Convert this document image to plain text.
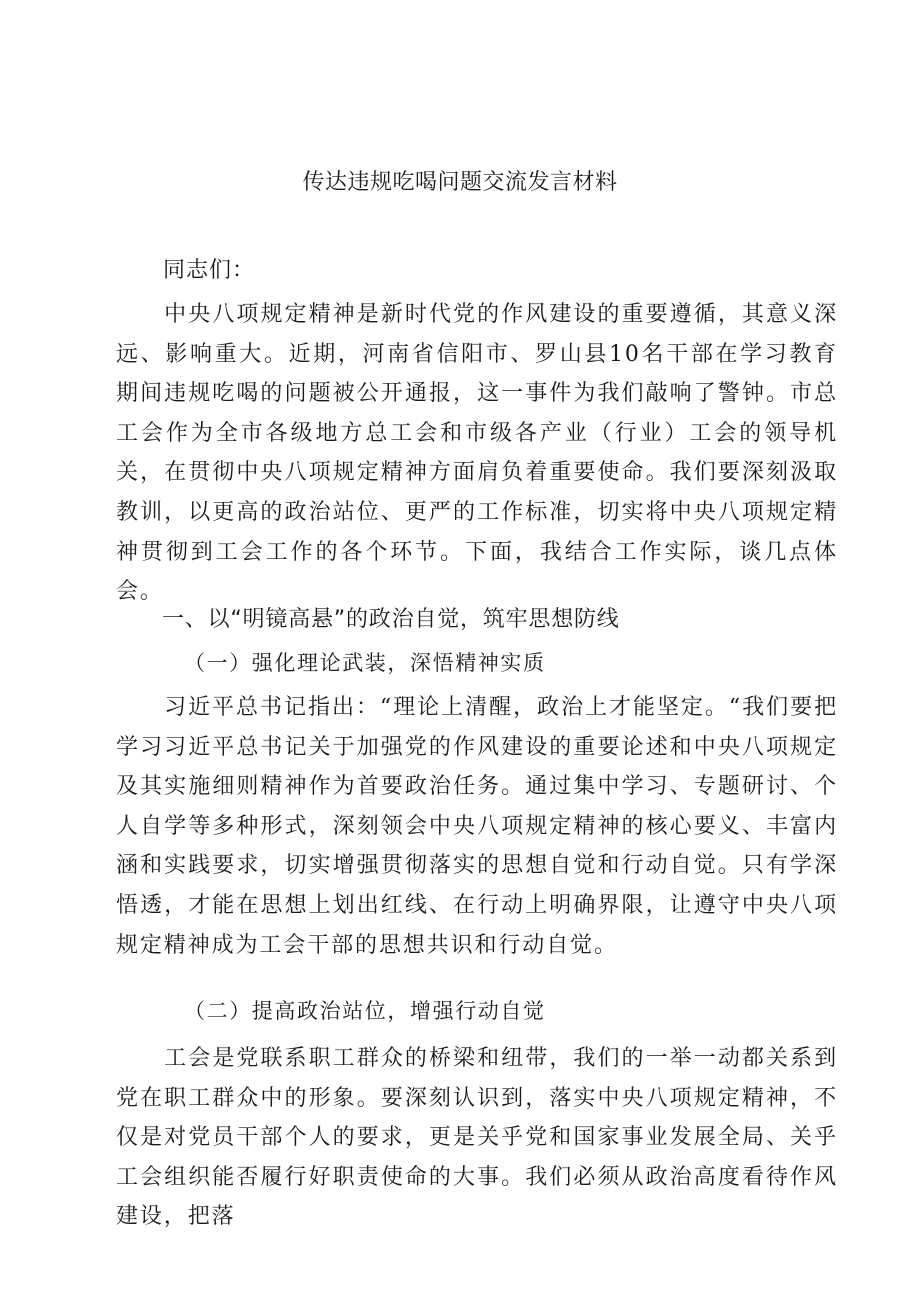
传达违规吃喝问题交流发言材料
同志们：
中央八项规定精神是新时代党的作风建设的重要遵循，其意义深远、影响重大。近期，河南省信阳市、罗山县10名干部在学习教育期间违规吃喝的问题被公开通报，这一事件为我们敲响了警钟。市总工会作为全市各级地方总工会和市级各产业（行业）工会的领导机关，在贯彻中央八项规定精神方面肩负着重要使命。我们要深刻汲取教训，以更高的政治站位、更严的工作标准，切实将中央八项规定精神贯彻到工会工作的各个环节。下面，我结合工作实际，谈几点体会。
一、以“明镜高悬”的政治自觉，筑牢思想防线
（一）强化理论武装，深悟精神实质
习近平总书记指出：“理论上清醒，政治上才能坚定。“我们要把学习习近平总书记关于加强党的作风建设的重要论述和中央八项规定及其实施细则精神作为首要政治任务。通过集中学习、专题研讨、个人自学等多种形式，深刻领会中央八项规定精神的核心要义、丰富内涵和实践要求，切实增强贯彻落实的思想自觉和行动自觉。只有学深悟透，才能在思想上划出红线、在行动上明确界限，让遵守中央八项规定精神成为工会干部的思想共识和行动自觉。
（二）提高政治站位，增强行动自觉
工会是党联系职工群众的桥梁和纽带，我们的一举一动都关系到党在职工群众中的形象。要深刻认识到，落实中央八项规定精神，不仅是对党员干部个人的要求，更是关乎党和国家事业发展全局、关乎工会组织能否履行好职责使命的大事。我们必须从政治高度看待作风建设，把落
